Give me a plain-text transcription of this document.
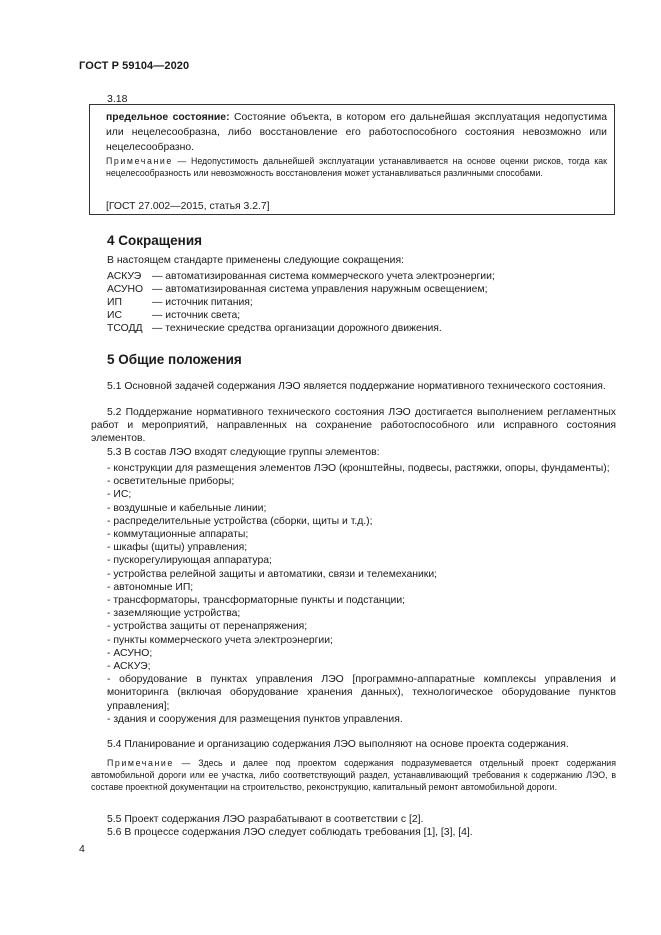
ГОСТ Р 59104—2020
3.18
предельное состояние: Состояние объекта, в котором его дальнейшая эксплуатация недопустима или нецелесообразна, либо восстановление его работоспособного состояния невозможно или нецелесообразно.
Примечание — Недопустимость дальнейшей эксплуатации устанавливается на основе оценки рисков, тогда как нецелесообразность или невозможность восстановления может устанавливаться различными способами.
[ГОСТ 27.002—2015, статья 3.2.7]
4 Сокращения
В настоящем стандарте применены следующие сокращения:
АСКУЭ — автоматизированная система коммерческого учета электроэнергии;
АСУНО — автоматизированная система управления наружным освещением;
ИП	— источник питания;
ИС	— источник света;
ТСОДД — технические средства организации дорожного движения.
5 Общие положения
5.1 Основной задачей содержания ЛЭО является поддержание нормативного технического состояния.
5.2 Поддержание нормативного технического состояния ЛЭО достигается выполнением регламентных работ и мероприятий, направленных на сохранение работоспособного или исправного состояния элементов.
5.3 В состав ЛЭО входят следующие группы элементов:
- конструкции для размещения элементов ЛЭО (кронштейны, подвесы, растяжки, опоры, фундаменты);
- осветительные приборы;
- ИС;
- воздушные и кабельные линии;
- распределительные устройства (сборки, щиты и т.д.);
- коммутационные аппараты;
- шкафы (щиты) управления;
- пускорегулирующая аппаратура;
- устройства релейной защиты и автоматики, связи и телемеханики;
- автономные ИП;
- трансформаторы, трансформаторные пункты и подстанции;
- заземляющие устройства;
- устройства защиты от перенапряжения;
- пункты коммерческого учета электроэнергии;
- АСУНО;
- АСКУЭ;
- оборудование в пунктах управления ЛЭО [программно-аппаратные комплексы управления и мониторинга (включая оборудование хранения данных), технологическое оборудование пунктов управления];
- здания и сооружения для размещения пунктов управления.
5.4 Планирование и организацию содержания ЛЭО выполняют на основе проекта содержания.
Примечание — Здесь и далее под проектом содержания подразумевается отдельный проект содержания автомобильной дороги или ее участка, либо соответствующий раздел, устанавливающий требования к содержанию ЛЭО, в составе проектной документации на строительство, реконструкцию, капитальный ремонт автомобильной дороги.
5.5 Проект содержания ЛЭО разрабатывают в соответствии с [2].
5.6 В процессе содержания ЛЭО следует соблюдать требования [1], [3], [4].
4
